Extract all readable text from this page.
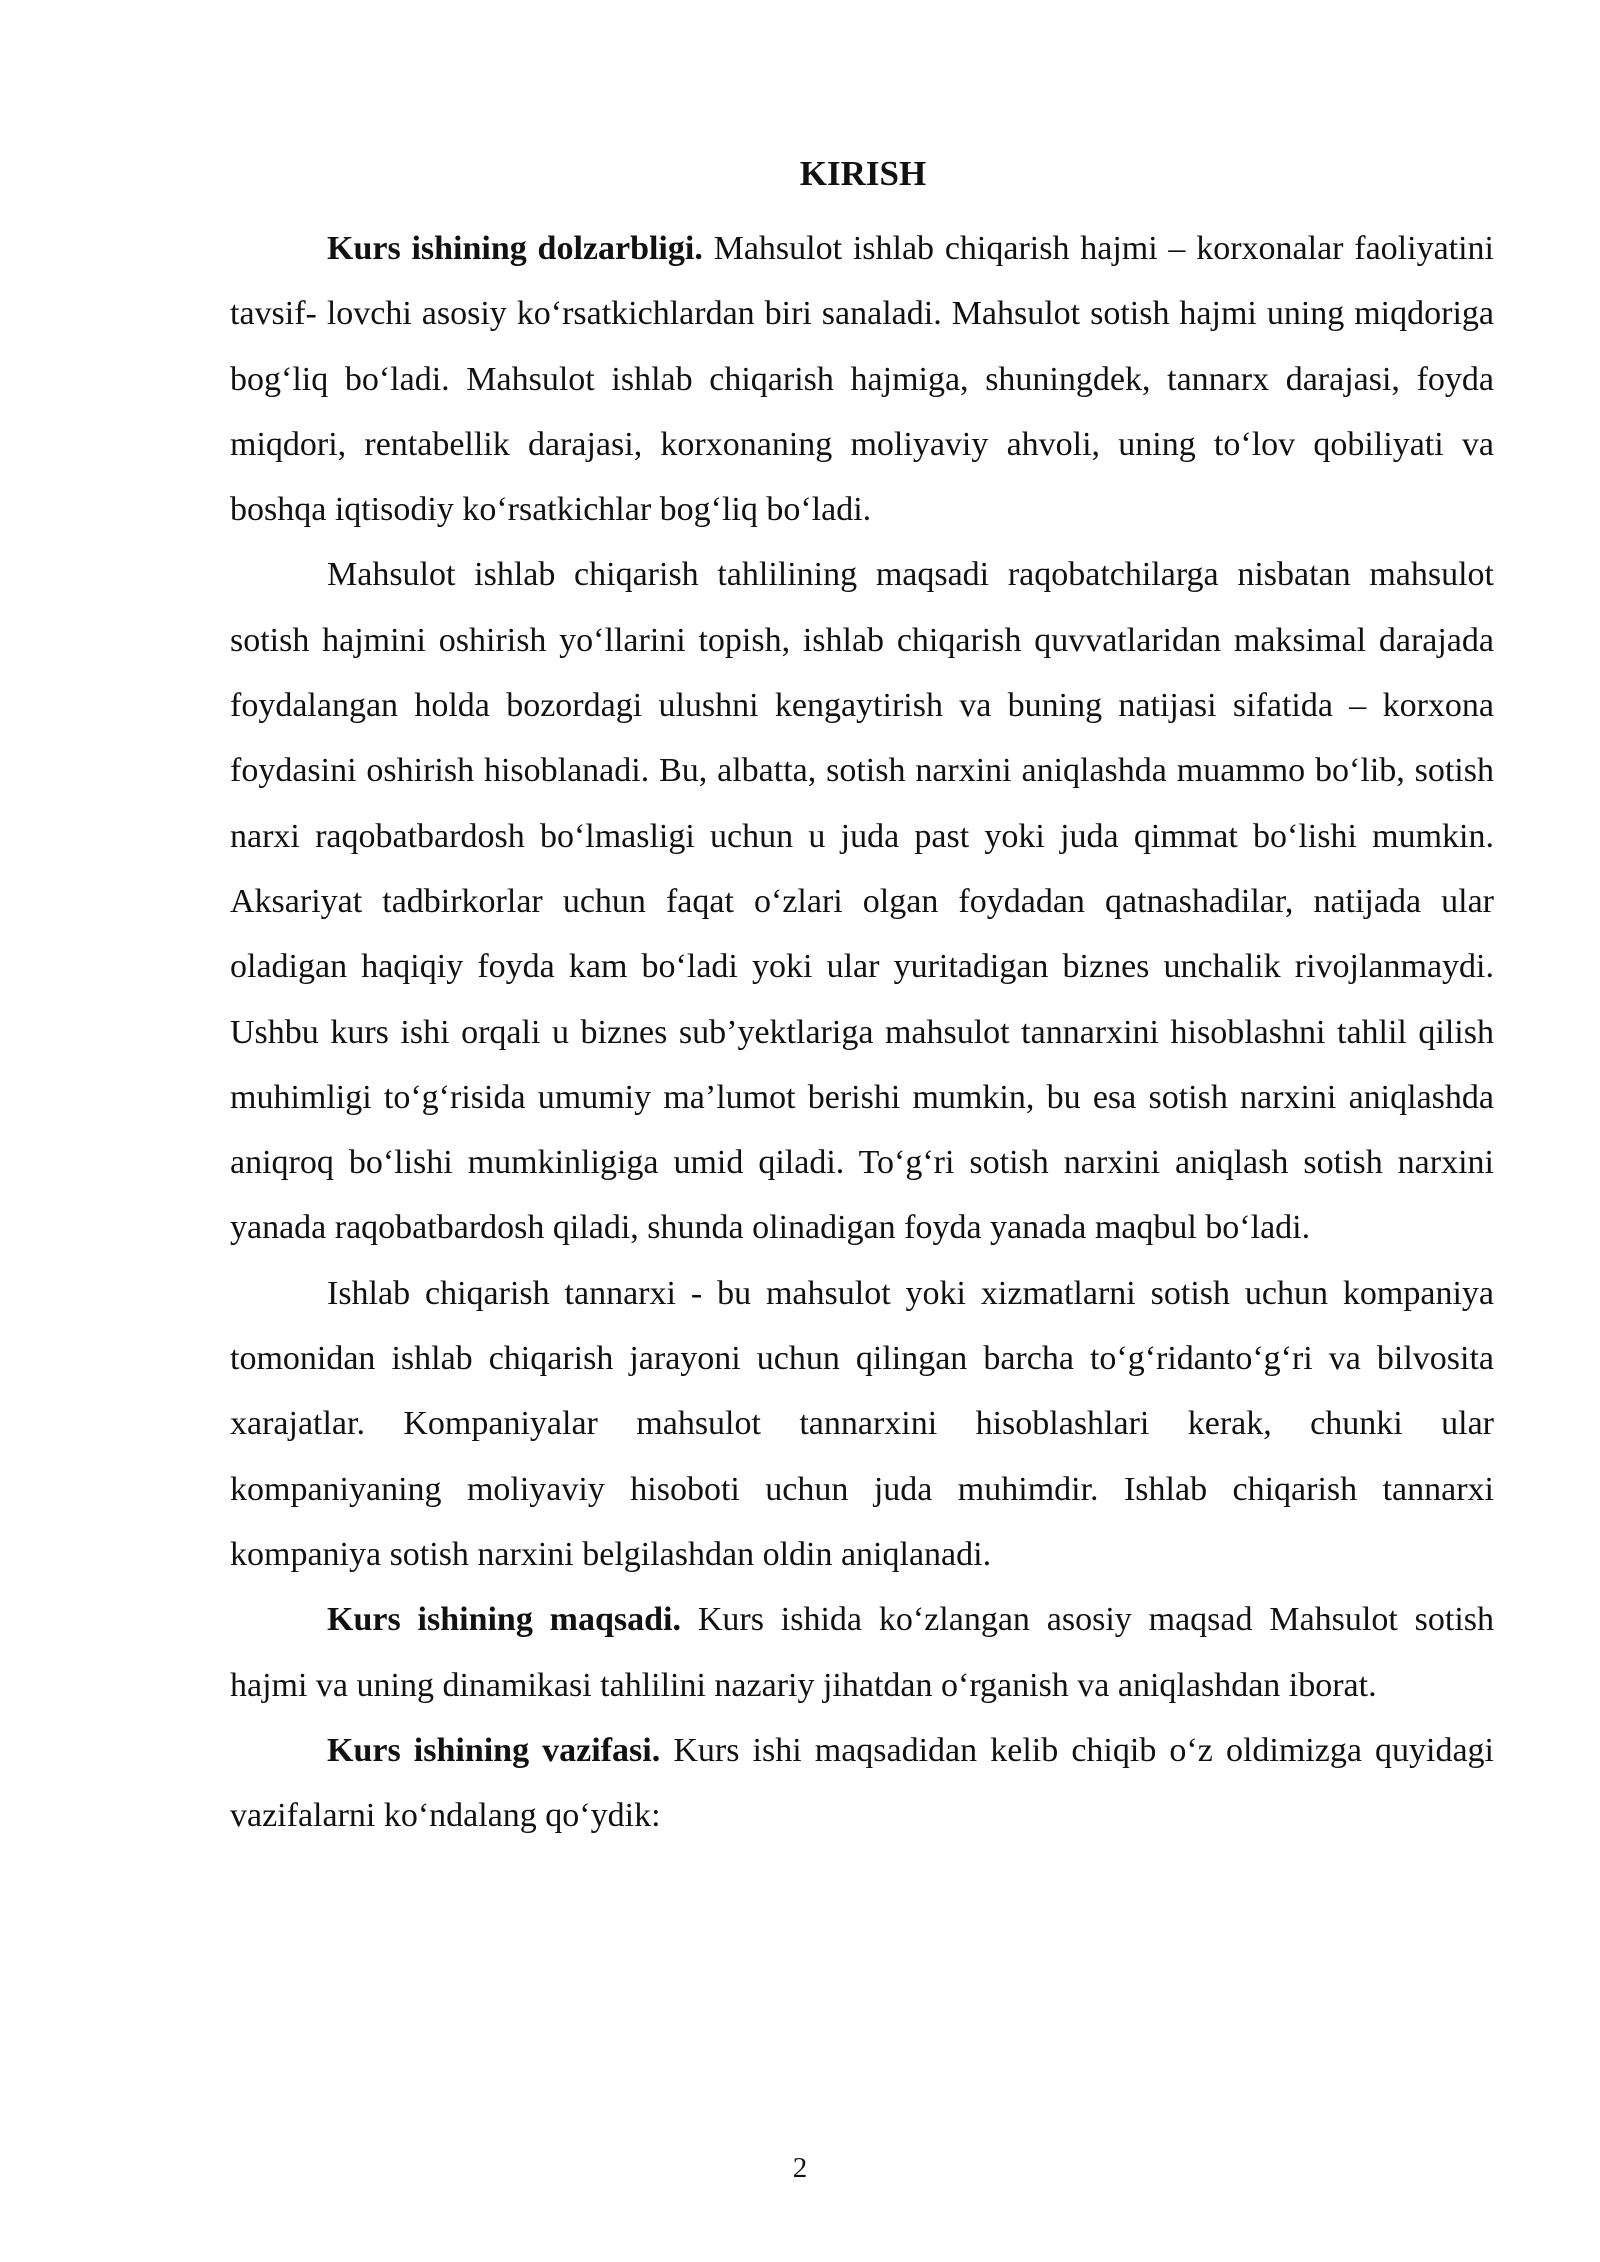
KIRISH

Kurs ishining dolzarbligi. Mahsulot ishlab chiqarish hajmi – korxonalar faoliyatini tavsif- lovchi asosiy ko‘rsatkichlardan biri sanaladi. Mahsulot sotish hajmi uning miqdoriga bog‘liq bo‘ladi. Mahsulot ishlab chiqarish hajmiga, shuningdek, tannarx darajasi, foyda miqdori, rentabellik darajasi, korxonaning moliyaviy ahvoli, uning to‘lov qobiliyati va boshqa iqtisodiy ko‘rsatkichlar bog‘liq bo‘ladi.

Mahsulot ishlab chiqarish tahlilining maqsadi raqobatchilarga nisbatan mahsulot sotish hajmini oshirish yo‘llarini topish, ishlab chiqarish quvvatlaridan maksimal darajada foydalangan holda bozordagi ulushni kengaytirish va buning natijasi sifatida – korxona foydasini oshirish hisoblanadi. Bu, albatta, sotish narxini aniqlashda muammo bo‘lib, sotish narxi raqobatbardosh bo‘lmasligi uchun u juda past yoki juda qimmat bo‘lishi mumkin. Aksariyat tadbirkorlar uchun faqat o‘zlari olgan foydadan qatnashadilar, natijada ular oladigan haqiqiy foyda kam bo‘ladi yoki ular yuritadigan biznes unchalik rivojlanmaydi. Ushbu kurs ishi orqali u biznes sub’yektlariga mahsulot tannarxini hisoblashni tahlil qilish muhimligi to‘g‘risida umumiy ma’lumot berishi mumkin, bu esa sotish narxini aniqlashda aniqroq bo‘lishi mumkinligiga umid qiladi. To‘g‘ri sotish narxini aniqlash sotish narxini yanada raqobatbardosh qiladi, shunda olinadigan foyda yanada maqbul bo‘ladi.

Ishlab chiqarish tannarxi - bu mahsulot yoki xizmatlarni sotish uchun kompaniya tomonidan ishlab chiqarish jarayoni uchun qilingan barcha to‘g‘ridanto‘g‘ri va bilvosita xarajatlar. Kompaniyalar mahsulot tannarxini hisoblashlari kerak, chunki ular kompaniyaning moliyaviy hisoboti uchun juda muhimdir. Ishlab chiqarish tannarxi kompaniya sotish narxini belgilashdan oldin aniqlanadi.

Kurs ishining maqsadi. Kurs ishida ko‘zlangan asosiy maqsad Mahsulot sotish hajmi va uning dinamikasi tahlilini nazariy jihatdan o‘rganish va aniqlashdan iborat.

Kurs ishining vazifasi. Kurs ishi maqsadidan kelib chiqib o‘z oldimizga quyidagi vazifalarni ko‘ndalang qo‘ydik:

2
